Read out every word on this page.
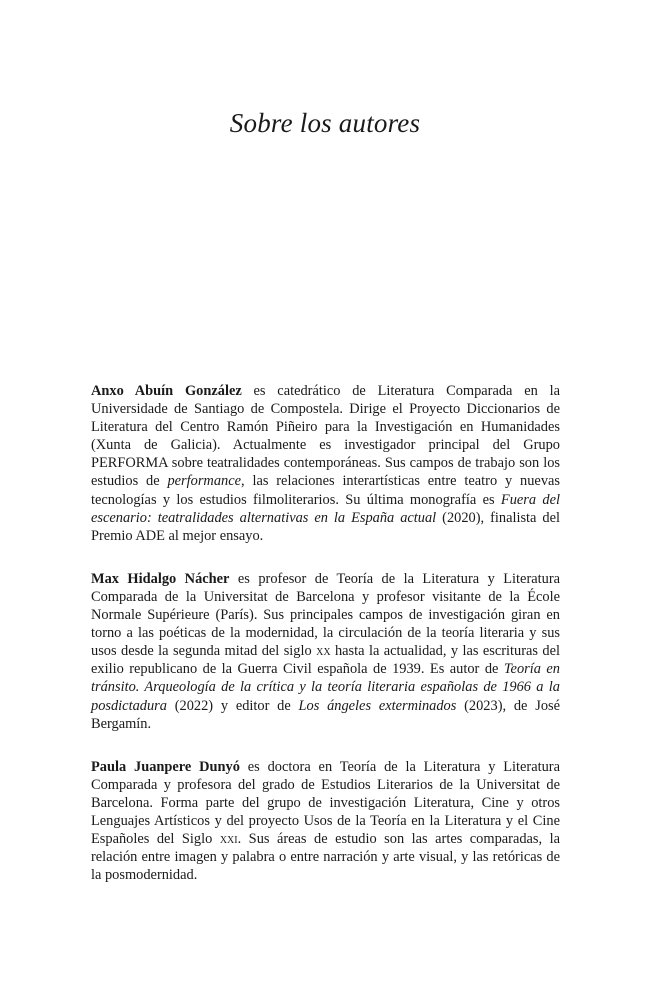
Sobre los autores

Anxo Abuín González es catedrático de Literatura Comparada en la Universidade de Santiago de Compostela. Dirige el Proyecto Diccionarios de Literatura del Centro Ramón Piñeiro para la Investigación en Humanidades (Xunta de Galicia). Actualmente es investigador principal del Grupo PERFORMA sobre teatralidades contemporáneas. Sus campos de trabajo son los estudios de performance, las relaciones interartísticas entre teatro y nuevas tecnologías y los estudios filmoliterarios. Su última monografía es Fuera del escenario: teatralidades alternativas en la España actual (2020), finalista del Premio ADE al mejor ensayo.

Max Hidalgo Nácher es profesor de Teoría de la Literatura y Literatura Comparada de la Universitat de Barcelona y profesor visitante de la École Normale Supérieure (París). Sus principales campos de investigación giran en torno a las poéticas de la modernidad, la circulación de la teoría literaria y sus usos desde la segunda mitad del siglo xx hasta la actualidad, y las escrituras del exilio republicano de la Guerra Civil española de 1939. Es autor de Teoría en tránsito. Arqueología de la crítica y la teoría literaria españolas de 1966 a la posdictadura (2022) y editor de Los ángeles exterminados (2023), de José Bergamín.

Paula Juanpere Dunyó es doctora en Teoría de la Literatura y Literatura Comparada y profesora del grado de Estudios Literarios de la Universitat de Barcelona. Forma parte del grupo de investigación Literatura, Cine y otros Lenguajes Artísticos y del proyecto Usos de la Teoría en la Literatura y el Cine Españoles del Siglo xxi. Sus áreas de estudio son las artes comparadas, la relación entre imagen y palabra o entre narración y arte visual, y las retóricas de la posmodernidad.
